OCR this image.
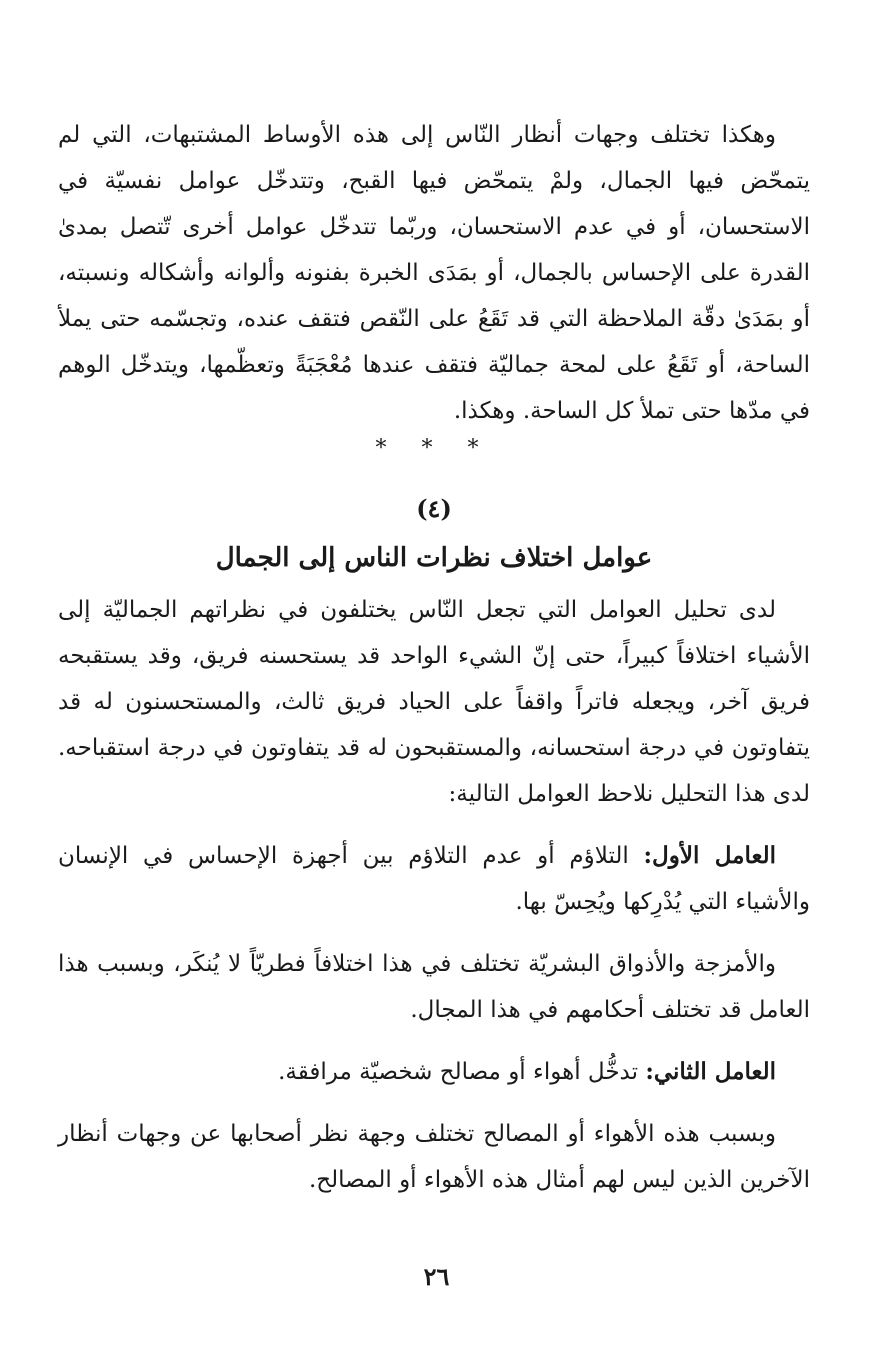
وهكذا تختلف وجهات أنظار النّاس إلى هذه الأوساط المشتبهات، التي لم يتمحّض فيها الجمال، ولمْ يتمحّض فيها القبح، وتتدخّل عوامل نفسيّة في الاستحسان، أو في عدم الاستحسان، وربّما تتدخّل عوامل أخرى تّتصل بمدىٰ القدرة على الإحساس بالجمال، أو بمَدَى الخبرة بفنونه وألوانه وأشكاله ونسبته، أو بمَدَىٰ دقّة الملاحظة التي قد تَقَعُ على النّقص فتقف عنده، وتجسّمه حتى يملأ الساحة، أو تَقَعُ على لمحة جماليّة فتقف عندها مُعْجَبَةً وتعظّمها، ويتدخّل الوهم في مدّها حتى تملأ كل الساحة. وهكذا.

* * *
(٤)
عوامل اختلاف نظرات الناس إلى الجمال

لدى تحليل العوامل التي تجعل النّاس يختلفون في نظراتهم الجماليّة إلى الأشياء اختلافاً كبيراً، حتى إنّ الشيء الواحد قد يستحسنه فريق، وقد يستقبحه فريق آخر، ويجعله فاتراً واقفاً على الحياد فريق ثالث، والمستحسنون له قد يتفاوتون في درجة استحسانه، والمستقبحون له قد يتفاوتون في درجة استقباحه. لدى هذا التحليل نلاحظ العوامل التالية:

العامل الأول: التلاؤم أو عدم التلاؤم بين أجهزة الإحساس في الإنسان والأشياء التي يُدْرِكها ويُحِسّ بها.

والأمزجة والأذواق البشريّة تختلف في هذا اختلافاً فطريّاً لا يُنكَر، وبسبب هذا العامل قد تختلف أحكامهم في هذا المجال.

العامل الثاني: تدخُّل أهواء أو مصالح شخصيّة مرافقة.

وبسبب هذه الأهواء أو المصالح تختلف وجهة نظر أصحابها عن وجهات أنظار الآخرين الذين ليس لهم أمثال هذه الأهواء أو المصالح.

٢٦
